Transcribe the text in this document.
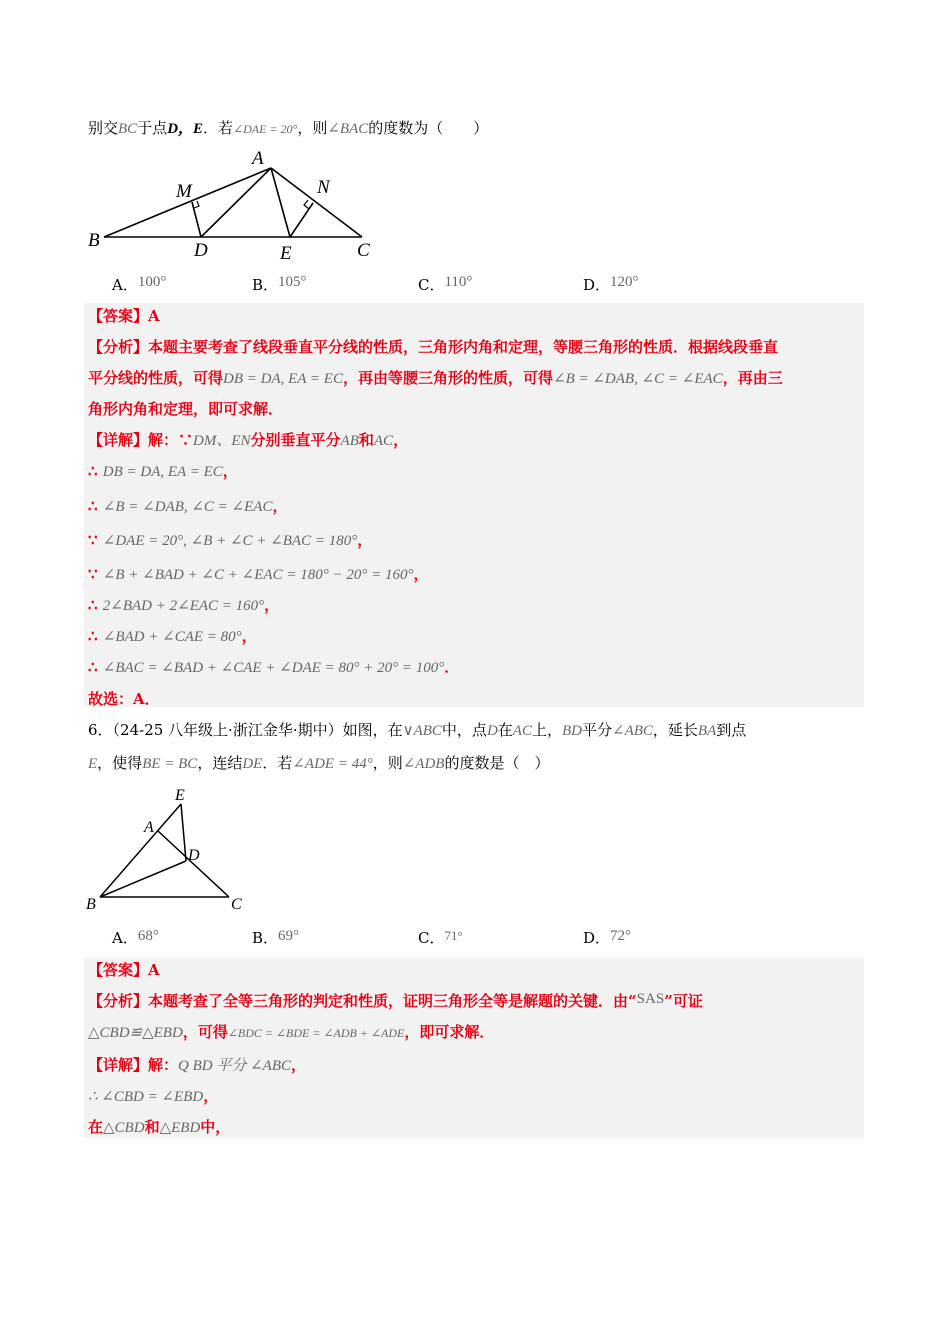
别交BC于点D，E．若∠DAE = 20°，则∠BAC的度数为（　　）
A
M	N
B	D	E	C
A．100°	B．105°	C．110°	D．120°
【答案】A
【分析】本题主要考查了线段垂直平分线的性质，三角形内角和定理，等腰三角形的性质．根据线段垂直
平分线的性质，可得DB = DA, EA = EC，再由等腰三角形的性质，可得∠B = ∠DAB, ∠C = ∠EAC，再由三
角形内角和定理，即可求解．
【详解】解：∵DM、EN分别垂直平分AB和AC，
∴ DB = DA, EA = EC，
∴ ∠B = ∠DAB, ∠C = ∠EAC，
∵ ∠DAE = 20°, ∠B + ∠C + ∠BAC = 180°，
∵ ∠B + ∠BAD + ∠C + ∠EAC = 180° − 20° = 160°，
∴ 2∠BAD + 2∠EAC = 160°，
∴ ∠BAD + ∠CAE = 80°，
∴ ∠BAC = ∠BAD + ∠CAE + ∠DAE = 80° + 20° = 100°．
故选：A．
6．（24-25 八年级上·浙江金华·期中）如图，在∨ABC中，点D在AC上，BD平分∠ABC，延长BA到点
E，使得BE = BC，连结DE．若∠ADE = 44°，则∠ADB的度数是（　）
E
A
D
B	C
A．68°	B．69°	C．71°	D．72°
【答案】A
【分析】本题考查了全等三角形的判定和性质，证明三角形全等是解题的关键．由“SAS”可证
△CBD≌△EBD，可得∠BDC = ∠BDE = ∠ADB + ∠ADE，即可求解．
【详解】解：Q BD 平分 ∠ABC，
∴ ∠CBD = ∠EBD，
在△CBD和△EBD中，
